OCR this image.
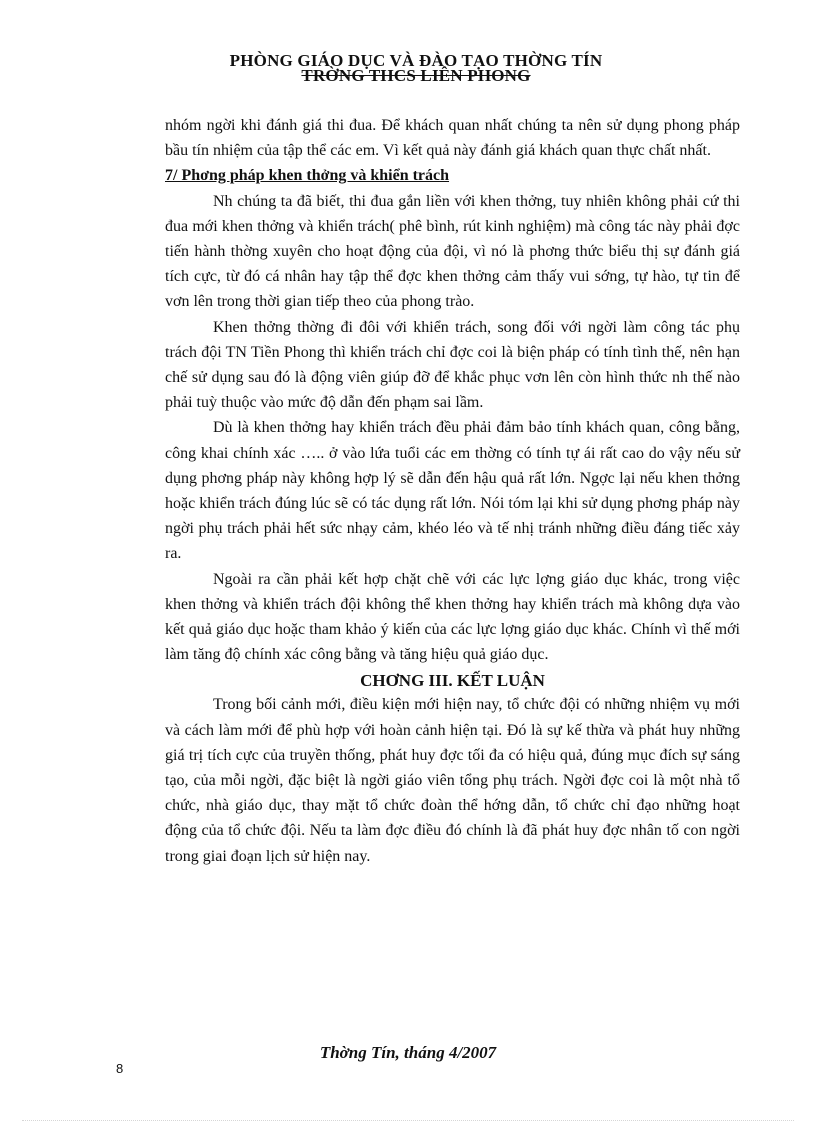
PHÒNG GIÁO DỤC VÀ ĐÀO TẠO THỜNG TÍN
TRỜNG THCS LIÊN PHONG

nhóm ngời khi đánh giá thi đua. Để khách quan nhất chúng ta nên sử dụng phong pháp bầu tín nhiệm của tập thể các em. Vì kết quả này đánh giá khách quan thực chất nhất.

7/ Phơng pháp khen thởng và khiển trách

Nh chúng ta đã biết, thi đua gắn liền với khen thởng, tuy nhiên không phải cứ thi đua mới khen thởng và khiển trách( phê bình, rút kinh nghiệm) mà công tác này phải đợc tiến hành thờng xuyên cho hoạt động của đội, vì nó là phơng thức biểu thị sự đánh giá tích cực, từ đó cá nhân hay tập thể đợc khen thởng cảm thấy vui sớng, tự hào, tự tin để vơn lên trong thời gian tiếp theo của phong trào.

Khen thởng thờng đi đôi với khiển trách, song đối với ngời làm công tác phụ trách đội TN Tiền Phong thì khiển trách chỉ đợc coi là biện pháp có tính tình thế, nên hạn chế sử dụng sau đó là động viên giúp đỡ để khắc phục vơn lên còn hình thức nh thế nào phải tuỳ thuộc vào mức độ dẫn đến phạm sai lầm.

Dù là khen thởng hay khiển trách đều phải đảm bảo tính khách quan, công bằng, công khai chính xác ….. ở vào lứa tuổi các em thờng có tính tự ái rất cao do vậy nếu sử dụng phơng pháp này không hợp lý sẽ dẫn đến hậu quả rất lớn. Ngợc lại nếu khen thởng hoặc khiển trách đúng lúc sẽ có tác dụng rất lớn. Nói tóm lại khi sử dụng phơng pháp này ngời phụ trách phải hết sức nhạy cảm, khéo léo và tế nhị tránh những điều đáng tiếc xảy ra.

Ngoài ra cần phải kết hợp chặt chẽ với các lực lợng giáo dục khác, trong việc khen thởng và khiển trách đội không thể khen thởng hay khiển trách mà không dựa vào kết quả giáo dục hoặc tham khảo ý kiến của các lực lợng giáo dục khác. Chính vì thế mới làm tăng độ chính xác công bằng và tăng hiệu quả giáo dục.

CHƠNG III. KẾT LUẬN

Trong bối cảnh mới, điều kiện mới hiện nay, tổ chức đội có những nhiệm vụ mới và cách làm mới để phù hợp với hoàn cảnh hiện tại. Đó là sự kế thừa và phát huy những giá trị tích cực của truyền thống, phát huy đợc tối đa có hiệu quả, đúng mục đích sự sáng tạo, của mỗi ngời, đặc biệt là ngời giáo viên tổng phụ trách. Ngời đợc coi là một nhà tổ chức, nhà giáo dục, thay mặt tổ chức đoàn thể hớng dẫn, tổ chức chỉ đạo những hoạt động của tổ chức đội. Nếu ta làm đợc điều đó chính là đã phát huy đợc nhân tố con ngời trong giai đoạn lịch sử hiện nay.

Thờng Tín, tháng 4/2007
8
